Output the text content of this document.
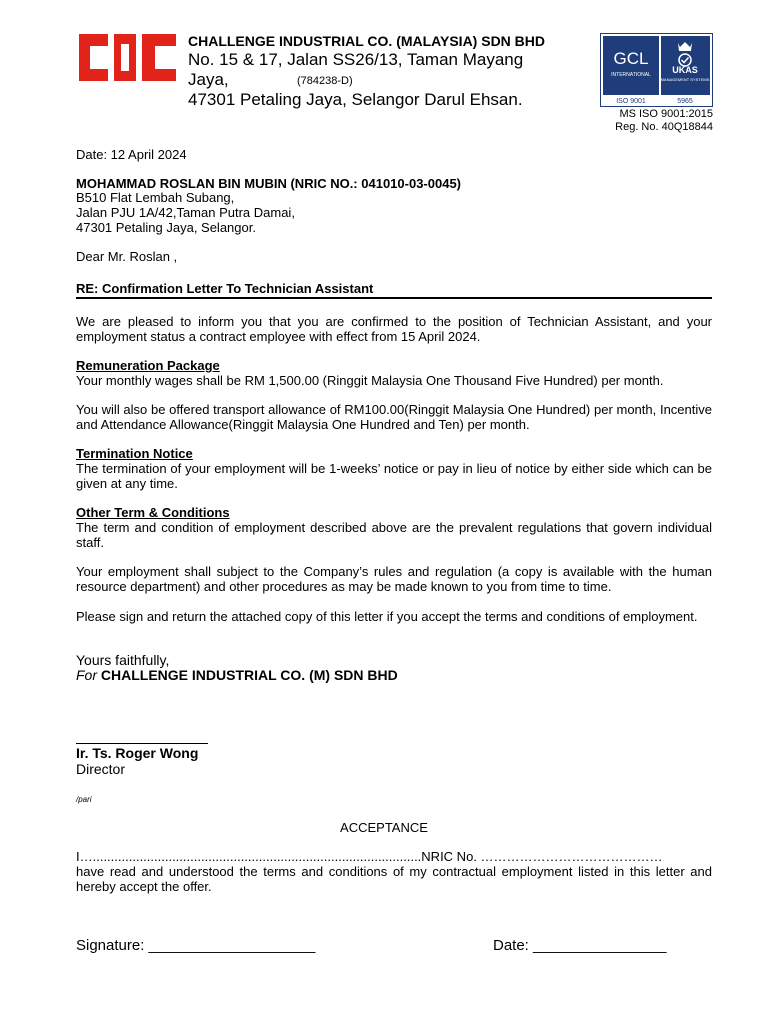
CHALLENGE INDUSTRIAL CO. (MALAYSIA) SDN BHD
No. 15 & 17, Jalan SS26/13, Taman Mayang
Jaya,	(784238-D)
47301 Petaling Jaya, Selangor Darul Ehsan.
GCL
INTERNATIONAL UKAS
MANAGEMENT SYSTEMS
ISO 9001	5965
MS ISO 9001:2015
Reg. No. 40Q18844
Date: 12 April 2024
MOHAMMAD ROSLAN BIN MUBIN (NRIC NO.: 041010-03-0045)
B510 Flat Lembah Subang,
Jalan PJU 1A/42,Taman Putra Damai,
47301 Petaling Jaya, Selangor.
Dear Mr. Roslan ,
RE: Confirmation Letter To Technician Assistant
We are pleased to inform you that you are confirmed to the position of Technician Assistant, and your employment status a contract employee with effect from 15 April 2024.
Remuneration Package
Your monthly wages shall be RM 1,500.00 (Ringgit Malaysia One Thousand Five Hundred) per month.
You will also be offered transport allowance of RM100.00(Ringgit Malaysia One Hundred) per month, Incentive and Attendance Allowance(Ringgit Malaysia One Hundred and Ten) per month.
Termination Notice
The termination of your employment will be 1-weeks’ notice or pay in lieu of notice by either side which can be given at any time.
Other Term & Conditions
The term and condition of employment described above are the prevalent regulations that govern individual staff.
Your employment shall subject to the Company’s rules and regulation (a copy is available with the human resource department) and other procedures as may be made known to you from time to time.
Please sign and return the attached copy of this letter if you accept the terms and conditions of employment.
Yours faithfully,
For CHALLENGE INDUSTRIAL CO. (M) SDN BHD
Ir. Ts. Roger Wong
Director
/pari
ACCEPTANCE
I…...........................................................................................NRIC No. ……………………………………
have read and understood the terms and conditions of my contractual employment listed in this letter and hereby accept the offer.
Signature: ____________________	Date: ________________
